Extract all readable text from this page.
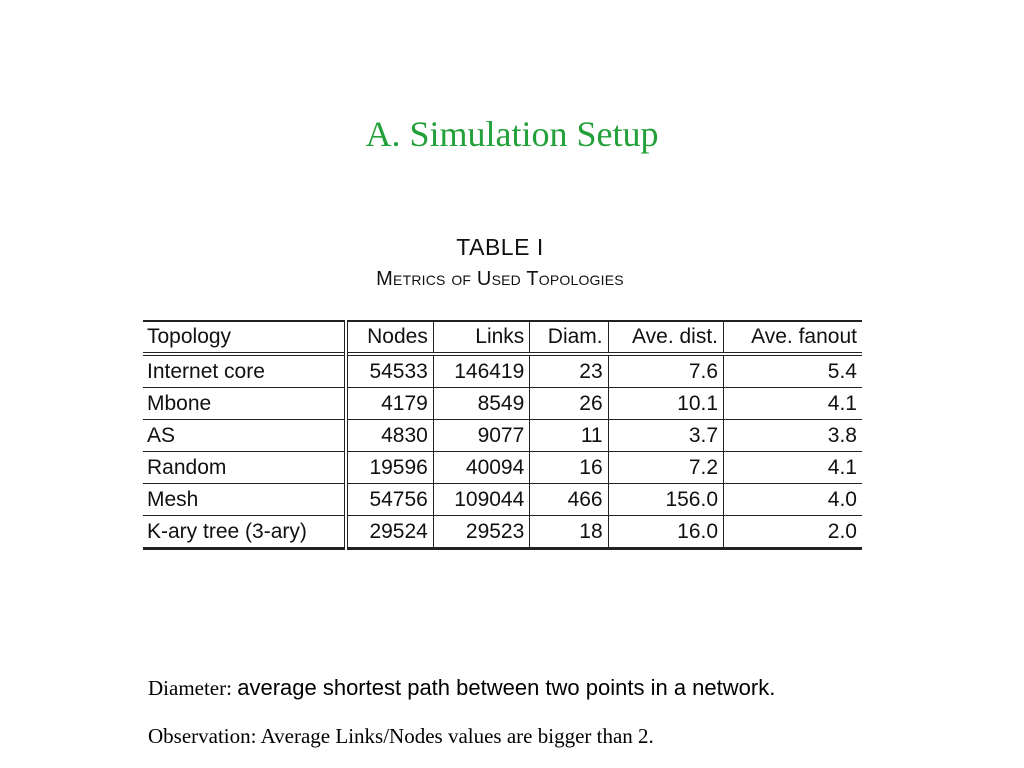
A. Simulation Setup
TABLE I
Metrics of Used Topologies
Topology	Nodes	Links	Diam.	Ave. dist.	Ave. fanout
Internet core	54533	146419	23	7.6	5.4
Mbone	4179	8549	26	10.1	4.1
AS	4830	9077	11	3.7	3.8
Random	19596	40094	16	7.2	4.1
Mesh	54756	109044	466	156.0	4.0
K-ary tree (3-ary)	29524	29523	18	16.0	2.0
Diameter: average shortest path between two points in a network.
Observation: Average Links/Nodes values are bigger than 2.
